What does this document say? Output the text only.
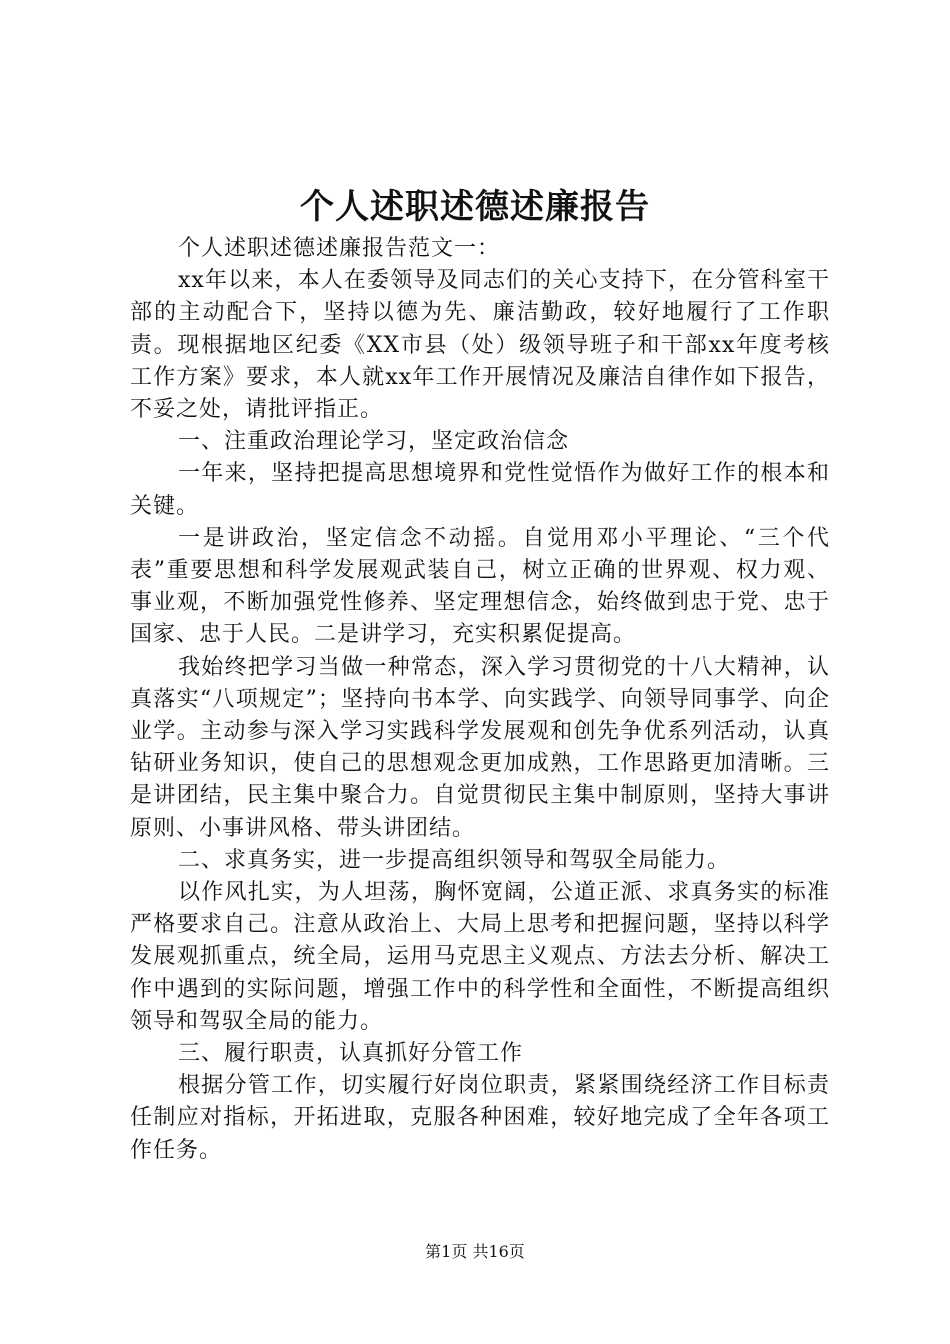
个人述职述德述廉报告

个人述职述德述廉报告范文一：

xx年以来，本人在委领导及同志们的关心支持下，在分管科室干部的主动配合下，坚持以德为先、廉洁勤政，较好地履行了工作职责。现根据地区纪委《XX市县（处）级领导班子和干部xx年度考核工作方案》要求，本人就xx年工作开展情况及廉洁自律作如下报告，不妥之处，请批评指正。

一、注重政治理论学习，坚定政治信念

一年来，坚持把提高思想境界和党性觉悟作为做好工作的根本和关键。

一是讲政治，坚定信念不动摇。自觉用邓小平理论、“三个代表”重要思想和科学发展观武装自己，树立正确的世界观、权力观、事业观，不断加强党性修养、坚定理想信念，始终做到忠于党、忠于国家、忠于人民。二是讲学习，充实积累促提高。

我始终把学习当做一种常态，深入学习贯彻党的十八大精神，认真落实“八项规定”；坚持向书本学、向实践学、向领导同事学、向企业学。主动参与深入学习实践科学发展观和创先争优系列活动，认真钻研业务知识，使自己的思想观念更加成熟，工作思路更加清晰。三是讲团结，民主集中聚合力。自觉贯彻民主集中制原则，坚持大事讲原则、小事讲风格、带头讲团结。

二、求真务实，进一步提高组织领导和驾驭全局能力。

以作风扎实，为人坦荡，胸怀宽阔，公道正派、求真务实的标准严格要求自己。注意从政治上、大局上思考和把握问题，坚持以科学发展观抓重点，统全局，运用马克思主义观点、方法去分析、解决工作中遇到的实际问题，增强工作中的科学性和全面性，不断提高组织领导和驾驭全局的能力。

三、履行职责，认真抓好分管工作

根据分管工作，切实履行好岗位职责，紧紧围绕经济工作目标责任制应对指标，开拓进取，克服各种困难，较好地完成了全年各项工作任务。

第1页 共16页
